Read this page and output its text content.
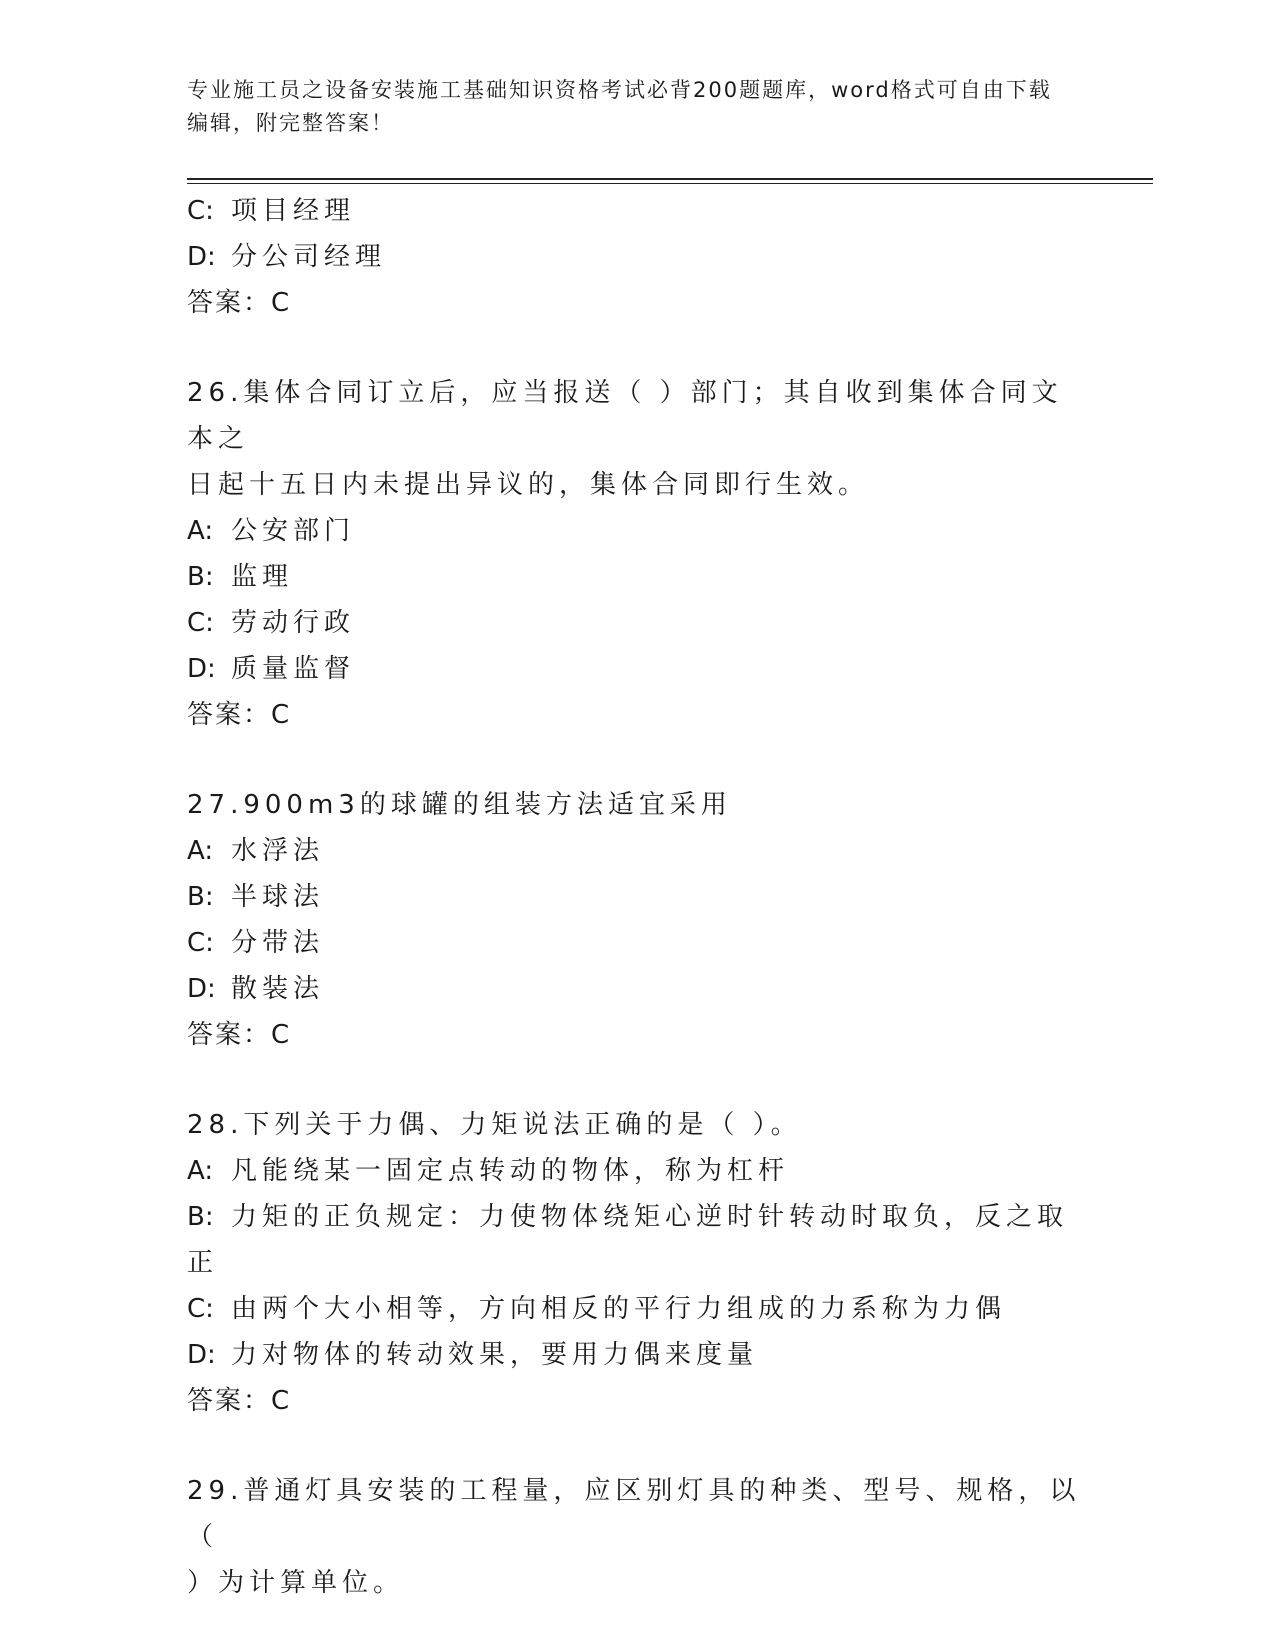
专业施工员之设备安装施工基础知识资格考试必背200题题库，word格式可自由下载编辑，附完整答案！
C: 项目经理
D: 分公司经理
答案：C
26.集体合同订立后，应当报送（ ）部门；其自收到集体合同文本之
日起十五日内未提出异议的，集体合同即行生效。
A: 公安部门
B: 监理
C: 劳动行政
D: 质量监督
答案：C
27.900m3的球罐的组装方法适宜采用
A: 水浮法
B: 半球法
C: 分带法
D: 散装法
答案：C
28.下列关于力偶、力矩说法正确的是（ ）。
A: 凡能绕某一固定点转动的物体，称为杠杆
B: 力矩的正负规定：力使物体绕矩心逆时针转动时取负，反之取正
C: 由两个大小相等，方向相反的平行力组成的力系称为力偶
D: 力对物体的转动效果，要用力偶来度量
答案：C
29.普通灯具安装的工程量，应区别灯具的种类、型号、规格，以（
）为计算单位。
